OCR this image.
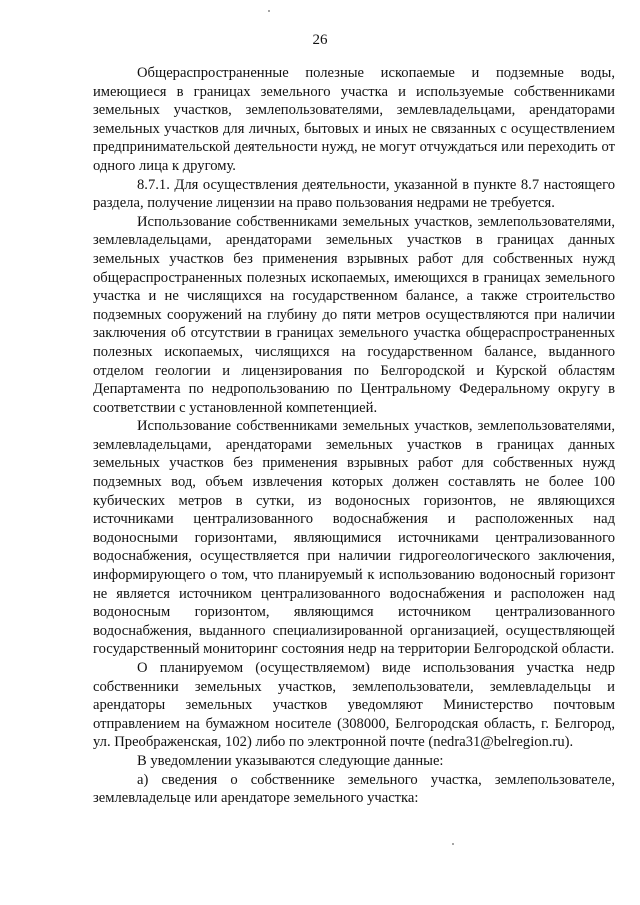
26

Общераспространенные полезные ископаемые и подземные воды, имеющиеся в границах земельного участка и используемые собственниками земельных участков, землепользователями, землевладельцами, арендаторами земельных участков для личных, бытовых и иных не связанных с осуществлением предпринимательской деятельности нужд, не могут отчуждаться или переходить от одного лица к другому.

8.7.1. Для осуществления деятельности, указанной в пункте 8.7 настоящего раздела, получение лицензии на право пользования недрами не требуется.

Использование собственниками земельных участков, землепользователями, землевладельцами, арендаторами земельных участков в границах данных земельных участков без применения взрывных работ для собственных нужд общераспространенных полезных ископаемых, имеющихся в границах земельного участка и не числящихся на государственном балансе, а также строительство подземных сооружений на глубину до пяти метров осуществляются при наличии заключения об отсутствии в границах земельного участка общераспространенных полезных ископаемых, числящихся на государственном балансе, выданного отделом геологии и лицензирования по Белгородской и Курской областям Департамента по недропользованию по Центральному Федеральному округу в соответствии с установленной компетенцией.

Использование собственниками земельных участков, землепользователями, землевладельцами, арендаторами земельных участков в границах данных земельных участков без применения взрывных работ для собственных нужд подземных вод, объем извлечения которых должен составлять не более 100 кубических метров в сутки, из водоносных горизонтов, не являющихся источниками централизованного водоснабжения и расположенных над водоносными горизонтами, являющимися источниками централизованного водоснабжения, осуществляется при наличии гидрогеологического заключения, информирующего о том, что планируемый к использованию водоносный горизонт не является источником централизованного водоснабжения и расположен над водоносным горизонтом, являющимся источником централизованного водоснабжения, выданного специализированной организацией, осуществляющей государственный мониторинг состояния недр на территории Белгородской области.

О планируемом (осуществляемом) виде использования участка недр собственники земельных участков, землепользователи, землевладельцы и арендаторы земельных участков уведомляют Министерство почтовым отправлением на бумажном носителе (308000, Белгородская область, г. Белгород, ул. Преображенская, 102) либо по электронной почте (nedra31@belregion.ru).

В уведомлении указываются следующие данные:

а) сведения о собственнике земельного участка, землепользователе, землевладельце или арендаторе земельного участка:
